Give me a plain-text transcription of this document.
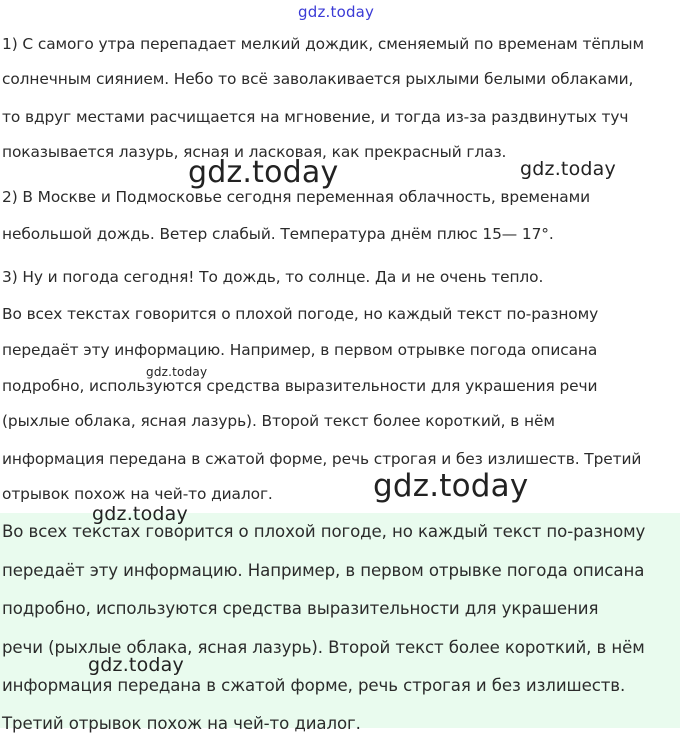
gdz.today
1) С самого утра перепадает мелкий дождик, сменяемый по временам тёплым
солнечным сиянием. Небо то всё заволакивается рыхлыми белыми облаками,
то вдруг местами расчищается на мгновение, и тогда из-за раздвинутых туч
показывается лазурь, ясная и ласковая, как прекрасный глаз.
2) В Москве и Подмосковье сегодня переменная облачность, временами
небольшой дождь. Ветер слабый. Температура днём плюс 15— 17°.
3) Ну и погода сегодня! То дождь, то солнце. Да и не очень тепло.
Во всех текстах говорится о плохой погоде, но каждый текст по-разному
передаёт эту информацию. Например, в первом отрывке погода описана
подробно, используются средства выразительности для украшения речи
(рыхлые облака, ясная лазурь). Второй текст более короткий, в нём
информация передана в сжатой форме, речь строгая и без излишеств. Третий
отрывок похож на чей-то диалог.
Во всех текстах говорится о плохой погоде, но каждый текст по-разному
передаёт эту информацию. Например, в первом отрывке погода описана
подробно, используются средства выразительности для украшения
речи (рыхлые облака, ясная лазурь). Второй текст более короткий, в нём
информация передана в сжатой форме, речь строгая и без излишеств.
Третий отрывок похож на чей-то диалог.
gdz.today	gdz.today
gdz.today
gdz.today
gdz.today
gdz.today
